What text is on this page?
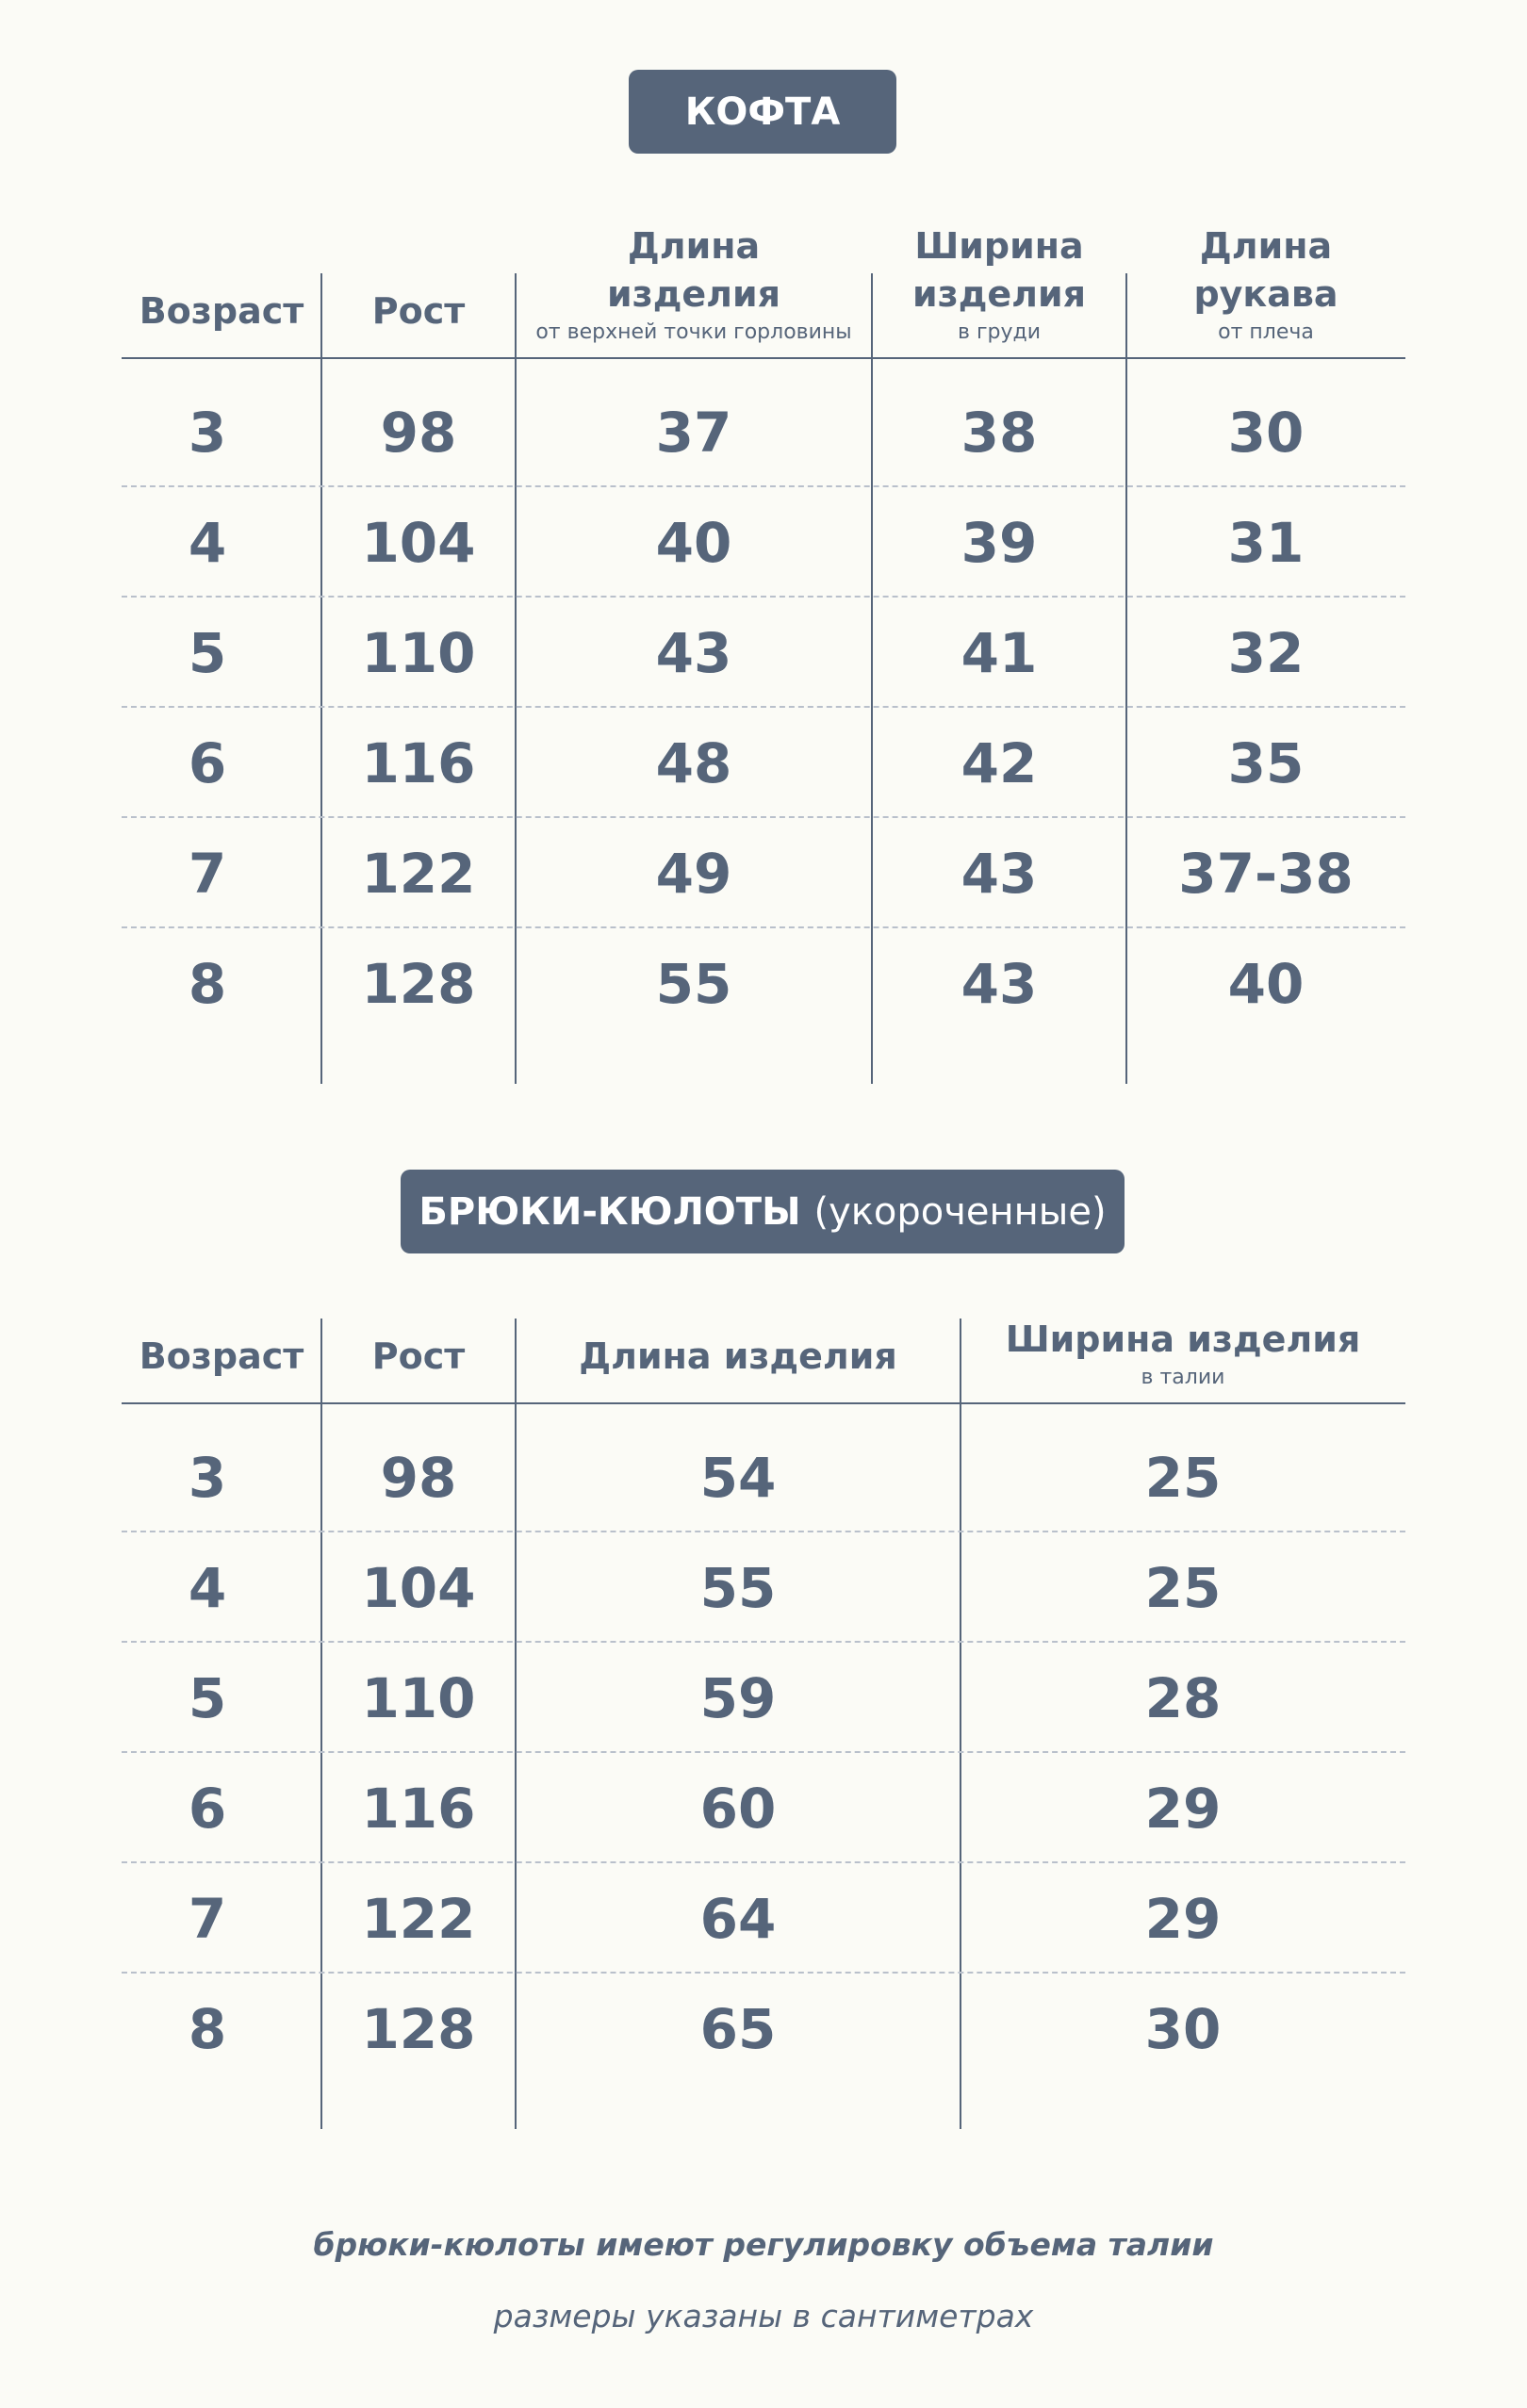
КОФТА
Возраст Рост
Длина изделия
от верхней точки горловины
Ширина изделия
в груди
Длина рукава
от плеча
3	98	37	38	30
4	104	40	39	31
5	110	43	41	32
6	116	48	42	35
7	122	49	43	37-38
8	128	55	43	40
БРЮКИ-КЮЛОТЫ
(укороченные)
Возраст Рост	Длина изделия	Ширина изделия
в талии
3	98	54	25
4	104	55	25
5	110	59	28
6	116	60	29
7	122	64	29
8	128	65	30
брюки-кюлоты имеют регулировку объема талии
размеры указаны в сантиметрах
